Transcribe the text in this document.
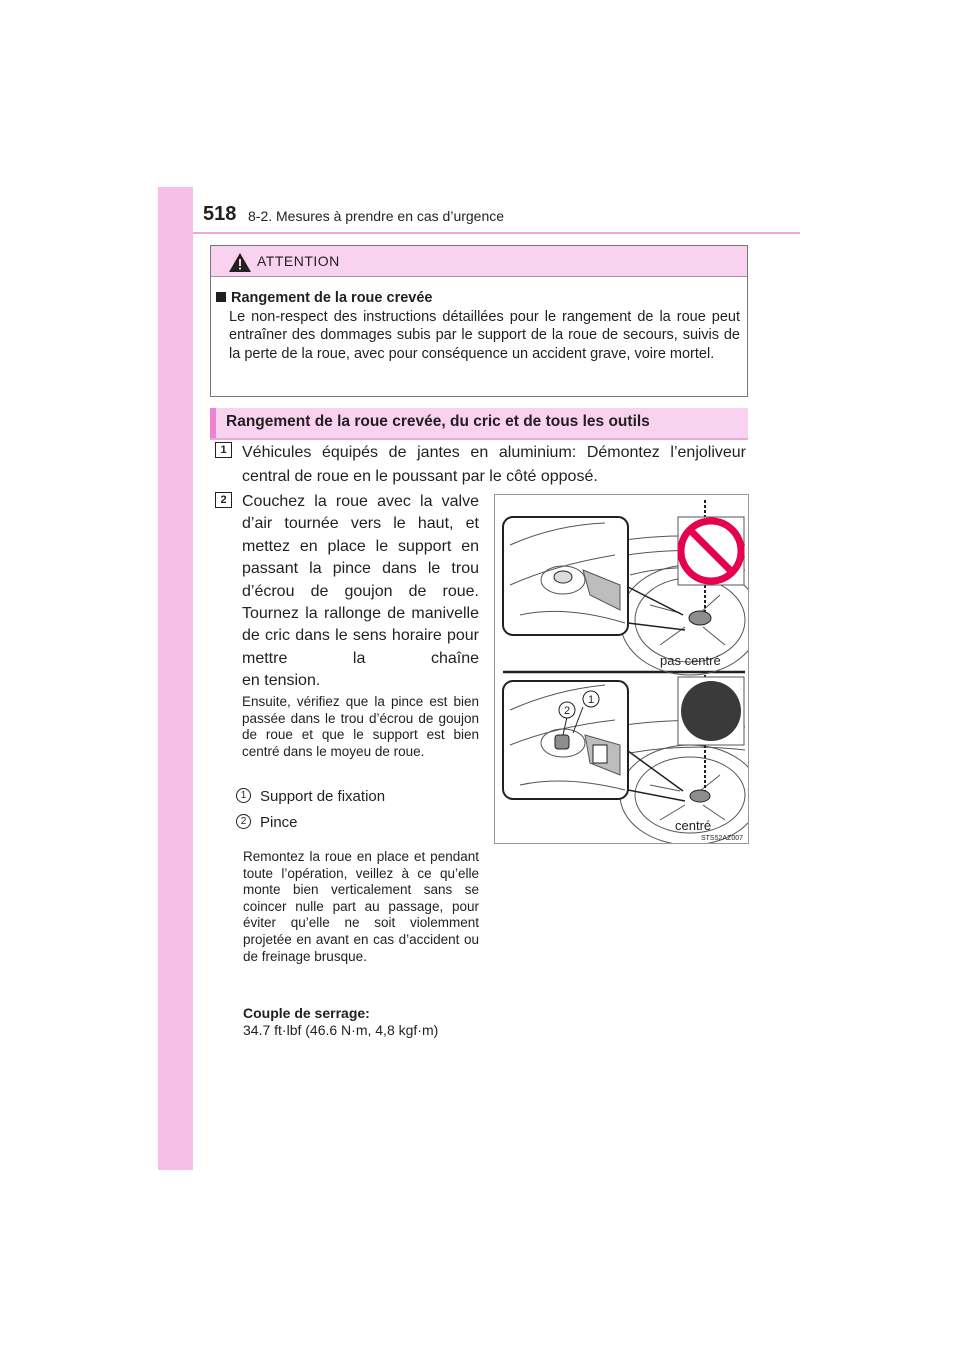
518 8-2. Mesures à prendre en cas d’urgence
ATTENTION
Rangement de la roue crevée
Le non-respect des instructions détaillées pour le rangement de la roue peut entraîner des dommages subis par le support de la roue de secours, suivis de la perte de la roue, avec pour conséquence un accident grave, voire mortel.
Rangement de la roue crevée, du cric et de tous les outils
1 Véhicules équipés de jantes en aluminium: Démontez l’enjoliveur central de roue en le poussant par le côté opposé.
2 Couchez la roue avec la valve d’air tournée vers le haut, et mettez en place le support en passant la pince dans le trou d’écrou de goujon de roue. Tournez la rallonge de manivelle de cric dans le sens horaire pour mettre la chaîne
en tension.
Ensuite, vérifiez que la pince est bien passée dans le trou d’écrou de goujon de roue et que le support est bien centré dans le moyeu de roue.
1 Support de fixation
2 Pince
Remontez la roue en place et pendant toute l’opération, veillez à ce qu’elle monte bien verticalement sans se coincer nulle part au passage, pour éviter qu’elle ne soit violemment projetée en avant en cas d’accident ou de freinage brusque.
Couple de serrage:
34.7 ft·lbf (46.6 N·m, 4,8 kgf·m)
pas centré
1
2
centré
STS52AZ007
